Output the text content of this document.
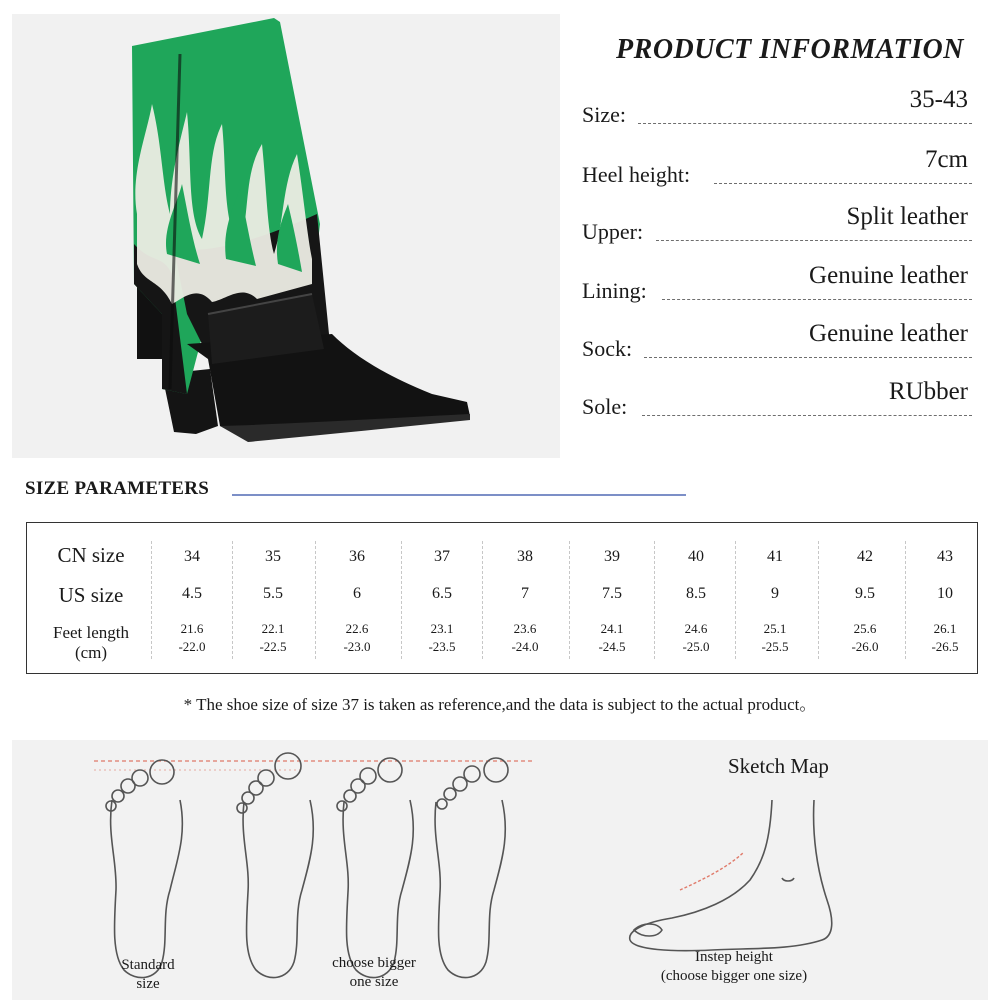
PRODUCT INFORMATION
Size:
35-43
Heel height:
7cm
Upper:
Split leather
Lining:
Genuine leather
Sock:
Genuine leather
Sole:
RUbber
SIZE PARAMETERS
CN size
US size
Feet length
(cm)
34
4.5
21.6
-22.0
35
5.5
22.1
-22.5
36
6
22.6
-23.0
37
6.5
23.1
-23.5
38
7
23.6
-24.0
39
7.5
24.1
-24.5
40
8.5
24.6
-25.0
41
9
25.1
-25.5
42
9.5
25.6
-26.0
43
10
26.1
-26.5
* The shoe size of size 37 is taken as reference,and the data is subject to the actual product。
Standard
size
choose bigger
one size
Instep height
(choose bigger one size)
Sketch Map
